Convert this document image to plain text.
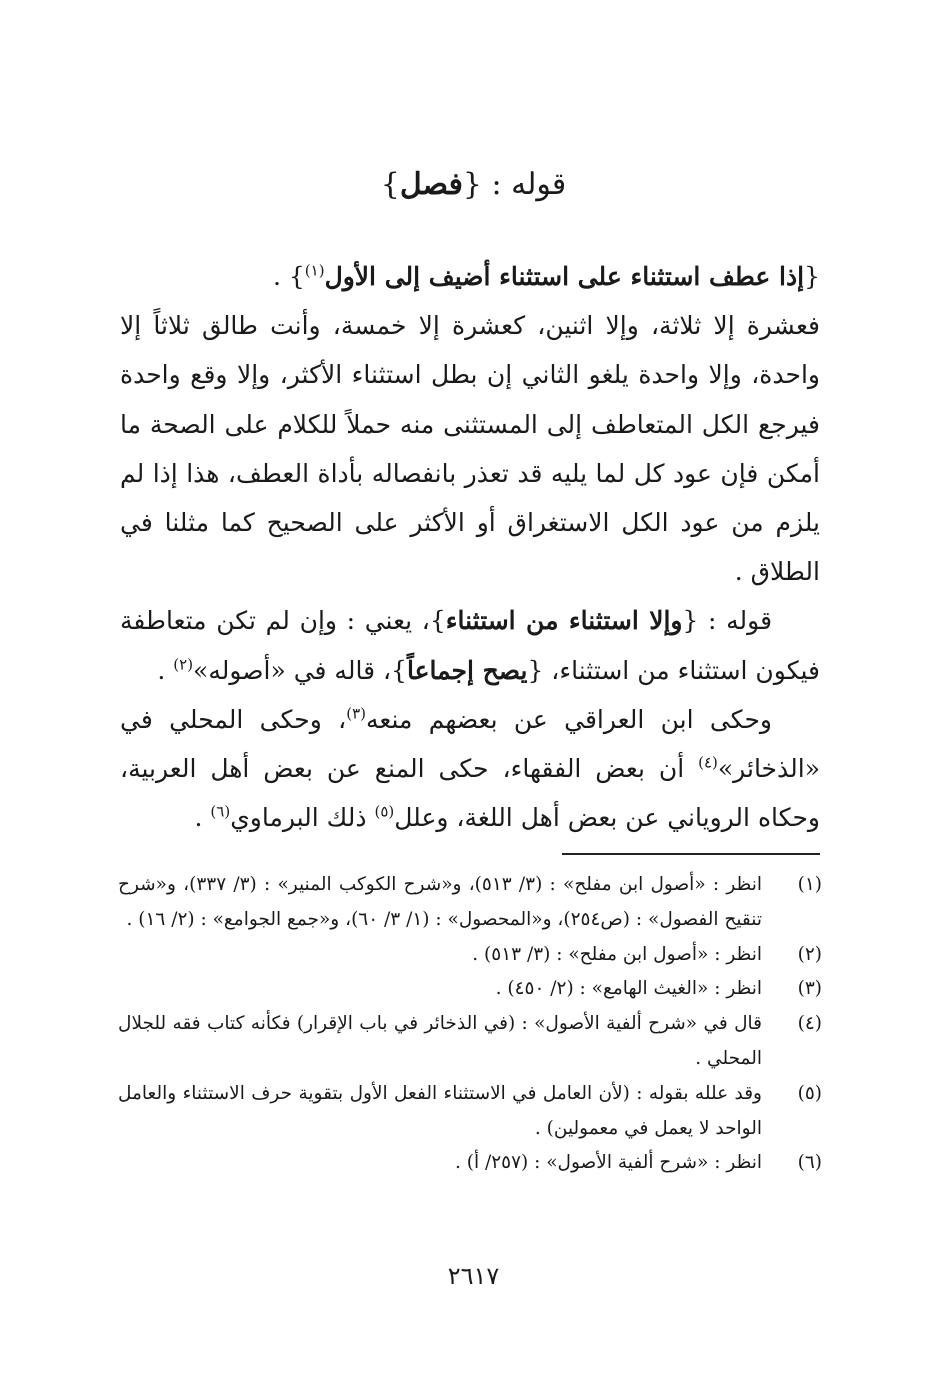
قوله : {فصل}

{إذا عطف استثناء على استثناء أضيف إلى الأول$^{(١)}$} .

فعشرة إلا ثلاثة، وإلا اثنين، كعشرة إلا خمسة، وأنت طالق ثلاثاً إلا واحدة، وإلا واحدة يلغو الثاني إن بطل استثناء الأكثر، وإلا وقع واحدة فيرجع الكل المتعاطف إلى المستثنى منه حملاً للكلام على الصحة ما أمكن فإن عود كل لما يليه قد تعذر بانفصاله بأداة العطف، هذا إذا لم يلزم من عود الكل الاستغراق أو الأكثر على الصحيح كما مثلنا في الطلاق .

قوله : {وإلا استثناء من استثناء}، يعني : وإن لم تكن متعاطفة فيكون استثناء من استثناء، {يصح إجماعاً}، قاله في «أصوله»$^{(٢)}$ .

وحكى ابن العراقي عن بعضهم منعه$^{(٣)}$، وحكى المحلي في «الذخائر»$^{(٤)}$ أن بعض الفقهاء، حكى المنع عن بعض أهل العربية، وحكاه الروياني عن بعض أهل اللغة، وعلل$^{(٥)}$ ذلك البرماوي$^{(٦)}$ .

(١)
انظر : «أصول ابن مفلح» : (٣/ ٥١٣)، و«شرح الكوكب المنير» : (٣/ ٣٣٧)، و«شرح تنقيح الفصول» : (ص٢٥٤)، و«المحصول» : (١/ ٣/ ٦٠)، و«جمع الجوامع» : (٢/ ١٦) .
(٢)
انظر : «أصول ابن مفلح» : (٣/ ٥١٣) .
(٣)
انظر : «الغيث الهامع» : (٢/ ٤٥٠) .
(٤)
قال في «شرح ألفية الأصول» : (في الذخائر في باب الإقرار) فكأنه كتاب فقه للجلال المحلي .
(٥)
وقد علله بقوله : (لأن العامل في الاستثناء الفعل الأول بتقوية حرف الاستثناء والعامل الواحد لا يعمل في معمولين) .
(٦)
انظر : «شرح ألفية الأصول» : (٢٥٧/ أ) .
٢٦١٧
